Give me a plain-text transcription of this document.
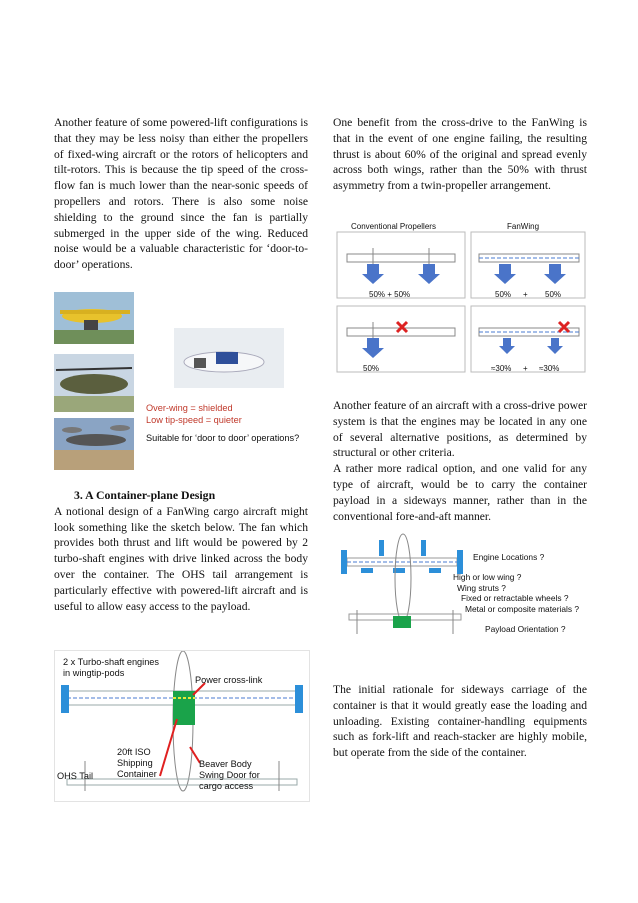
Another feature of some powered-lift configurations is that they may be less noisy than either the propellers of fixed-wing aircraft or the rotors of helicopters and tilt-rotors. This is because the tip speed of the cross-flow fan is much lower than the near-sonic speeds of propellers and rotors. There is also some noise shielding to the ground since the fan is partially submerged in the upper side of the wing. Reduced noise would be a valuable characteristic for ‘door-to-door’ operations.

Over-wing = shielded
Low tip-speed = quieter
Suitable for ‘door to door’ operations?
3. A Container-plane Design

A notional design of a FanWing cargo aircraft might look something like the sketch below. The fan which provides both thrust and lift would be powered by 2 turbo-shaft engines with drive linked across the body over the container. The OHS tail arrangement is particularly effective with powered-lift aircraft and is useful to allow easy access to the payload.

2 x Turbo-shaft engines
in wingtip-pods
Power cross-link
20ft ISO
Shipping
Container
OHS Tail
Beaver Body
Swing Door for
cargo access

One benefit from the cross-drive to the FanWing is that in the event of one engine failing, the resulting thrust is about 60% of the original and spread evenly across both wings, rather than the 50% with thrust asymmetry from a twin-propeller arrangement.

Conventional Propellers	FanWing
50% + 50%	50% + 50%
50%	≈30% + ≈30%

Another feature of an aircraft with a cross-drive power system is that the engines may be located in any one of several alternative positions, as determined by structural or other criteria.

A rather more radical option, and one valid for any type of aircraft, would be to carry the container payload in a sideways manner, rather than in the conventional fore-and-aft manner.

Engine Locations ?
High or low wing ?
Wing struts ?
Fixed or retractable wheels ?
Metal or composite materials ?
Payload Orientation ?

The initial rationale for sideways carriage of the container is that it would greatly ease the loading and unloading. Existing container-handling equipments such as fork-lift and reach-stacker are highly mobile, but operate from the side of the container.
